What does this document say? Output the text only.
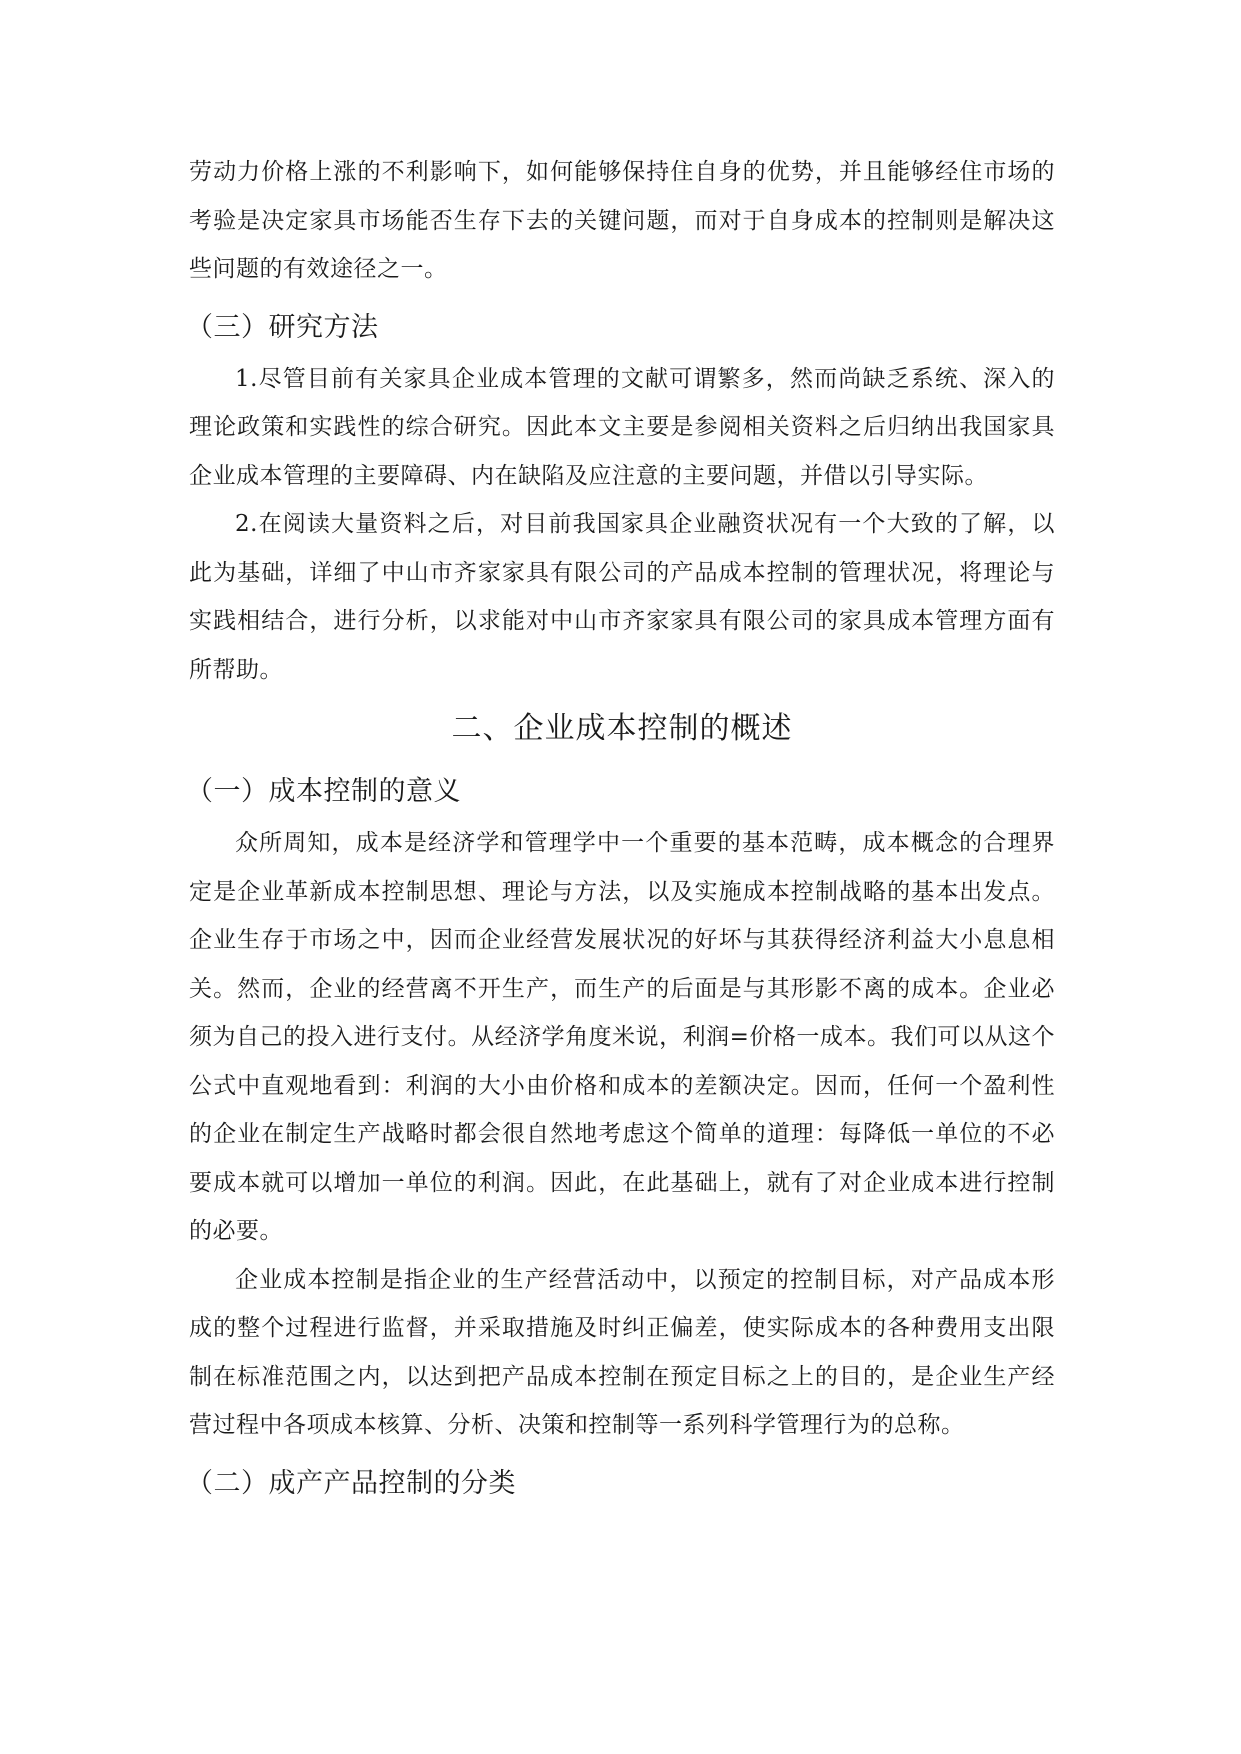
劳动力价格上涨的不利影响下，如何能够保持住自身的优势，并且能够经住市场的考验是决定家具市场能否生存下去的关键问题，而对于自身成本的控制则是解决这些问题的有效途径之一。

（三）研究方法

1.尽管目前有关家具企业成本管理的文献可谓繁多，然而尚缺乏系统、深入的理论政策和实践性的综合研究。因此本文主要是参阅相关资料之后归纳出我国家具企业成本管理的主要障碍、内在缺陷及应注意的主要问题，并借以引导实际。

2.在阅读大量资料之后，对目前我国家具企业融资状况有一个大致的了解，以此为基础，详细了中山市齐家家具有限公司的产品成本控制的管理状况，将理论与实践相结合，进行分析，以求能对中山市齐家家具有限公司的家具成本管理方面有所帮助。

二、企业成本控制的概述
（一）成本控制的意义

众所周知，成本是经济学和管理学中一个重要的基本范畴，成本概念的合理界定是企业革新成本控制思想、理论与方法，以及实施成本控制战略的基本出发点。企业生存于市场之中，因而企业经营发展状况的好坏与其获得经济利益大小息息相关。然而，企业的经营离不开生产，而生产的后面是与其形影不离的成本。企业必须为自己的投入进行支付。从经济学角度米说，利润=价格一成本。我们可以从这个公式中直观地看到：利润的大小由价格和成本的差额决定。因而，任何一个盈利性的企业在制定生产战略时都会很自然地考虑这个简单的道理：每降低一单位的不必要成本就可以增加一单位的利润。因此，在此基础上，就有了对企业成本进行控制的必要。

企业成本控制是指企业的生产经营活动中，以预定的控制目标，对产品成本形成的整个过程进行监督，并采取措施及时纠正偏差，使实际成本的各种费用支出限制在标准范围之内，以达到把产品成本控制在预定目标之上的目的，是企业生产经营过程中各项成本核算、分析、决策和控制等一系列科学管理行为的总称。

（二）成产产品控制的分类
